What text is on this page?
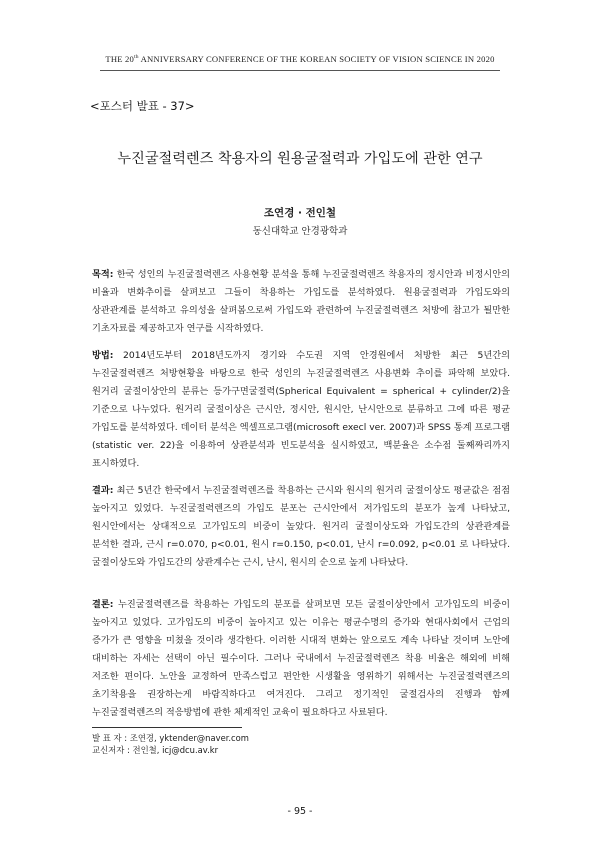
THE 20th ANNIVERSARY CONFERENCE OF THE KOREAN SOCIETY OF VISION SCIENCE IN 2020
<포스터 발표 - 37>
누진굴절력렌즈 착용자의 원용굴절력과 가입도에 관한 연구
조연경 · 전인철
동신대학교 안경광학과
목적: 한국 성인의 누진굴절력렌즈 사용현황 분석을 통해 누진굴절력렌즈 착용자의 정시안과 비정시안의 비율과 변화추이를 살펴보고 그들이 착용하는 가입도를 분석하였다. 원용굴절력과 가입도와의 상관관계를 분석하고 유의성을 살펴봄으로써 가입도와 관련하여 누진굴절력렌즈 처방에 참고가 될만한 기초자료를 제공하고자 연구를 시작하였다.
방법: 2014년도부터 2018년도까지 경기와 수도권 지역 안경원에서 처방한 최근 5년간의 누진굴절력렌즈 처방현황을 바탕으로 한국 성인의 누진굴절력렌즈 사용변화 추이를 파악해 보았다. 원거리 굴절이상안의 분류는 등가구면굴절력(Spherical Equivalent = spherical + cylinder/2)을 기준으로 나누었다. 원거리 굴절이상은 근시안, 정시안, 원시안, 난시안으로 분류하고 그에 따른 평균 가입도를 분석하였다. 데이터 분석은 엑셀프로그램(microsoft execl ver. 2007)과 SPSS 통계 프로그램(statistic ver. 22)을 이용하여 상관분석과 빈도분석을 실시하였고, 백분율은 소수점 둘째짜리까지 표시하였다.
결과: 최근 5년간 한국에서 누진굴절력렌즈를 착용하는 근시와 원시의 원거리 굴절이상도 평균값은 점점 높아지고 있었다. 누진굴절력렌즈의 가입도 분포는 근시안에서 저가입도의 분포가 높게 나타났고, 원시안에서는 상대적으로 고가입도의 비중이 높았다. 원거리 굴절이상도와 가입도간의 상관관계를 분석한 결과, 근시 r=0.070, p<0.01, 원시 r=0.150, p<0.01, 난시 r=0.092, p<0.01 로 나타났다. 굴절이상도와 가입도간의 상관계수는 근시, 난시, 원시의 순으로 높게 나타났다.
결론: 누진굴절력렌즈를 착용하는 가입도의 분포를 살펴보면 모든 굴절이상안에서 고가입도의 비중이 높아지고 있었다. 고가입도의 비중이 높아지고 있는 이유는 평균수명의 증가와 현대사회에서 근업의 증가가 큰 영향을 미쳤을 것이라 생각한다. 이러한 시대적 변화는 앞으로도 계속 나타날 것이며 노안에 대비하는 자세는 선택이 아닌 필수이다. 그러나 국내에서 누진굴절력렌즈 착용 비율은 해외에 비해 저조한 편이다. 노안을 교정하여 만족스럽고 편안한 시생활을 영위하기 위해서는 누진굴절력렌즈의 초기착용을 권장하는게 바람직하다고 여겨진다. 그리고 정기적인 굴절검사의 진행과 함께 누진굴절력렌즈의 적응방법에 관한 체계적인 교육이 필요하다고 사료된다.
발 표 자 : 조연경, yktender@naver.com
교신저자 : 전인철, icj@dcu.av.kr
- 95 -
